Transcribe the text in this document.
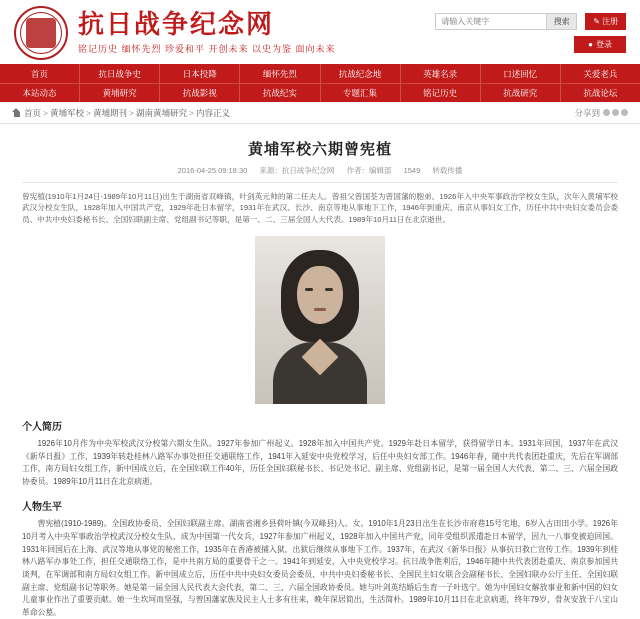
抗日战争纪念网
铭记历史 缅怀先烈 珍爱和平 开创未来 以史为鉴 面向未来
请输入关键字
搜索	✎ 注册
● 登录
首页	抗日战争史	日本投降	缅怀先烈	抗战纪念地	英雄名录	口述回忆	关爱老兵
本站动态	黄埔研究	抗战影视	抗战纪实	专题汇集	铭记历史	抗战研究	抗战论坛
首页 > 黄埔军校 > 黄埔期刊 > 湖南黄埔研究 > 内容正义	分享到
黄埔军校六期曾宪植
2016-04-25 09:18:30 来源：抗日战争纪念网 作者：编辑部 1549 转载传播

曾宪植(1910年1月24日-1989年10月11日)出生于湖南省双峰镇，叶剑英元帅的第二任夫人。曾祖父曾国荃为曾国藩的胞弟。1926年入中央军事政治学校女生队，次年入黄埔军校武汉分校女生队，1928年加入中国共产党，1929年赴日本留学，1931年在武汉、长沙、南京等地从事地下工作，1946年到重庆、南京从事妇女工作，历任中共中央妇女委员会委员、中共中央妇委秘书长、全国妇联副主席、党组副书记等职，是第一、二、三届全国人大代表。1989年10月11日在北京逝世。

个人简历

1926年10月作为中央军校武汉分校第六期女生队。1927年参加广州起义。1928年加入中国共产党。1929年赴日本留学，获得留学日本。1931年回国，1937年在武汉《新华日报》工作，1939年转赴桂林八路军办事处担任交通联络工作，1941年入延安中央党校学习，后任中央妇女部工作。1946年春，随中共代表团赴重庆，先后在军调部工作，南方局妇女组工作，新中国成立后，在全国妇联工作40年，历任全国妇联秘书长、书记处书记、副主席、党组副书记，是第一届全国人大代表、第二、三、六届全国政协委员。1989年10月11日在北京病逝。

人物生平

曾宪植(1910-1989)。全国政协委员、全国妇联副主席。湖南省湘乡县荷叶镇(今双峰县)人。女。1910年1月23日出生在长沙市府巷15号宅地，6岁入古田田小学。1926年10月考入中央军事政治学校武汉分校女生队，成为中国第一代女兵，1927年参加广州起义，1928年加入中国共产党，同年受组织派遣赴日本留学，因九一八事变被迫回国。1931年回国后在上海、武汉等地从事党的秘密工作，1935年在香港被捕入狱，出狱后继续从事地下工作。1937年，在武汉《新华日报》从事抗日救亡宣传工作。1939年到桂林八路军办事处工作，担任交通联络工作，是中共南方局的重要骨干之一。1941年到延安，入中央党校学习。抗日战争胜利后，1946年随中共代表团赴重庆、南京参加国共谈判，在军调部和南方局妇女组工作。新中国成立后，历任中共中央妇女委员会委员、中共中央妇委秘书长、全国民主妇女联合会副秘书长、全国妇联办公厅主任、全国妇联副主席、党组副书记等职务。她是第一届全国人民代表大会代表，第二、三、六届全国政协委员。她与叶剑英结婚后生育一子叶选宁。她为中国妇女解放事业和新中国的妇女儿童事业作出了重要贡献。她一生坎坷而坚强，与曾国藩家族及民主人士多有往来，晚年深居简出，生活简朴。1989年10月11日在北京病逝，终年79岁，骨灰安放于八宝山革命公墓。
